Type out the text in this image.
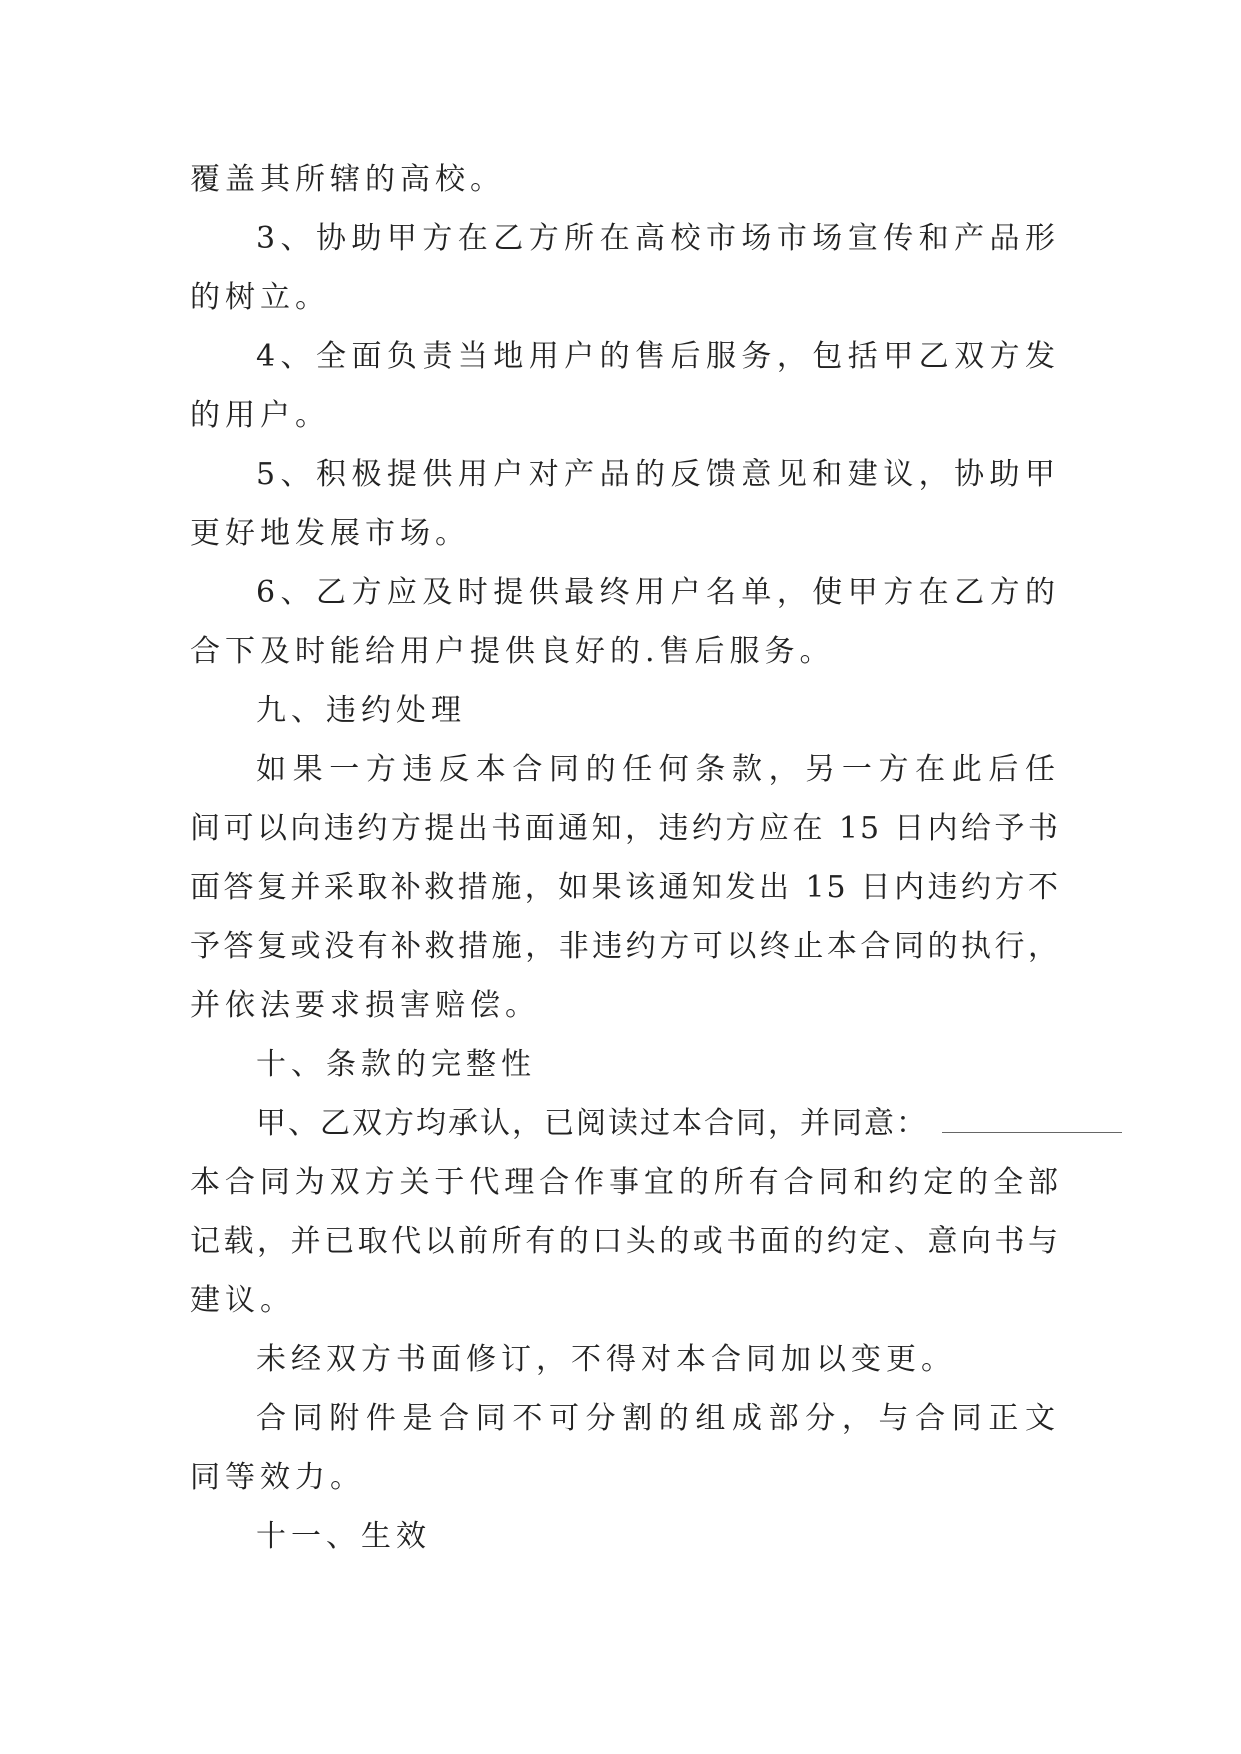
覆盖其所辖的高校。
3、协助甲方在乙方所在高校市场市场宣传和产品形
的树立。
4、全面负责当地用户的售后服务，包括甲乙双方发
的用户。
5、积极提供用户对产品的反馈意见和建议，协助甲
更好地发展市场。
6、乙方应及时提供最终用户名单，使甲方在乙方的
合下及时能给用户提供良好的.售后服务。
九、违约处理
如果一方违反本合同的任何条款，另一方在此后任
间可以向违约方提出书面通知，违约方应在 15 日内给予书
面答复并采取补救措施，如果该通知发出 15 日内违约方不
予答复或没有补救措施，非违约方可以终止本合同的执行，
并依法要求损害赔偿。
十、条款的完整性
甲、乙双方均承认，已阅读过本合同，并同意：
本合同为双方关于代理合作事宜的所有合同和约定的全部
记载，并已取代以前所有的口头的或书面的约定、意向书与
建议。
未经双方书面修订，不得对本合同加以变更。
合同附件是合同不可分割的组成部分，与合同正文
同等效力。
十一、生效
